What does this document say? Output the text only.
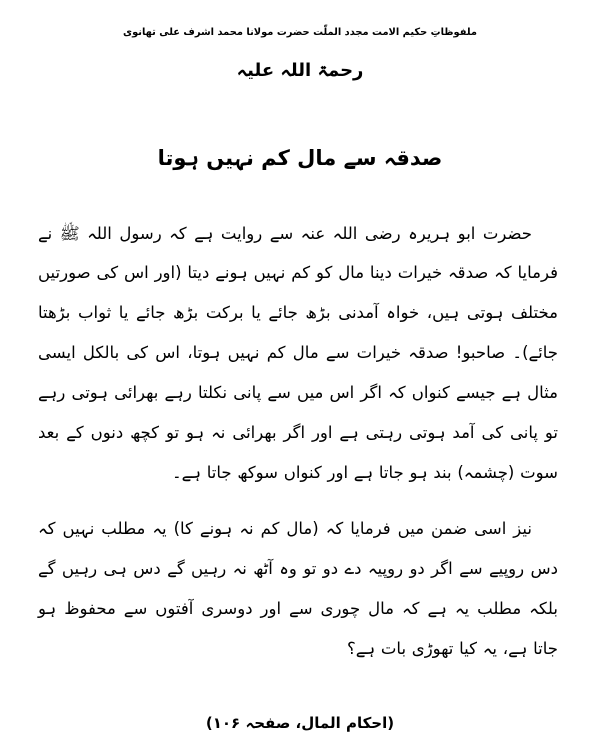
ملفوظاتِ حکیم الامت مجدد الملّت حضرت مولانا محمد اشرف علی تھانوی
رحمۃ اللہ علیہ
صدقہ سے مال کم نہیں ہوتا

حضرت ابو ہریرہ رضی اللہ عنہ سے روایت ہے کہ رسول اللہ ﷺ نے فرمایا کہ صدقہ خیرات دینا مال کو کم نہیں ہونے دیتا (اور اس کی صورتیں مختلف ہوتی ہیں، خواہ آمدنی بڑھ جائے یا برکت بڑھ جائے یا ثواب بڑھتا جائے)۔ صاحبو! صدقہ خیرات سے مال کم نہیں ہوتا، اس کی بالکل ایسی مثال ہے جیسے کنواں کہ اگر اس میں سے پانی نکلتا رہے بھرائی ہوتی رہے تو پانی کی آمد ہوتی رہتی ہے اور اگر بھرائی نہ ہو تو کچھ دنوں کے بعد سوت (چشمہ) بند ہو جاتا ہے اور کنواں سوکھ جاتا ہے۔

نیز اسی ضمن میں فرمایا کہ (مال کم نہ ہونے کا) یہ مطلب نہیں کہ دس روپیے سے اگر دو روپیہ دے دو تو وہ آٹھ نہ رہیں گے دس ہی رہیں گے بلکہ مطلب یہ ہے کہ مال چوری سے اور دوسری آفتوں سے محفوظ ہو جاتا ہے، یہ کیا تھوڑی بات ہے؟

(احکام المال، صفحہ ۱۰۶)
